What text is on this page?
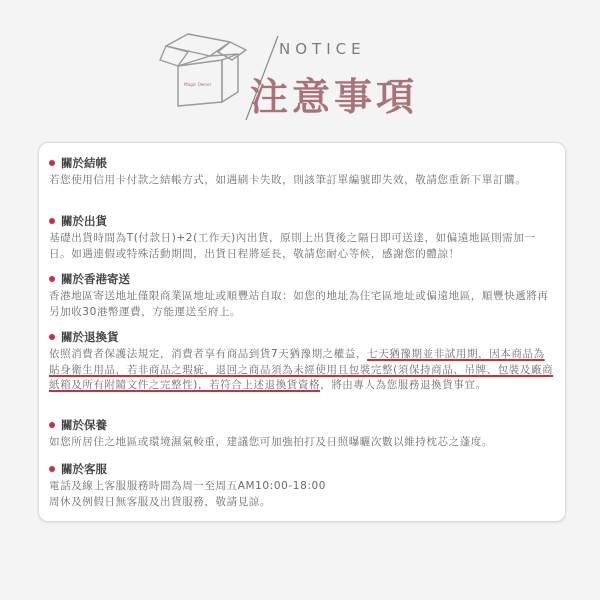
Magic Owner
NOTICE
注意事項
關於結帳
若您使用信用卡付款之結帳方式，如遇刷卡失敗，則該筆訂單編號即失效，敬請您重新下單訂購。
關於出貨
基礎出貨時間為T(付款日)+2(工作天)內出貨，原則上出貨後之隔日即可送達，如偏遠地區則需加一日。如遇連假或特殊活動期間，出貨日程將延長，敬請您耐心等候，感謝您的體諒！
關於香港寄送
香港地區寄送地址僅限商業區地址或順豐站自取：如您的地址為住宅區地址或偏遠地區，順豐快遞將再另加收30港幣運費，方能運送至府上。
關於退換貨
依照消費者保護法規定，消費者享有商品到貨7天猶豫期之權益，七天猶豫期並非試用期，因本商品為貼身衛生用品，若非商品之瑕疵，退回之商品須為未經使用且包裝完整(須保持商品、吊牌、包裝及廠商紙箱及所有附隨文件之完整性)，若符合上述退換貨資格，將由專人為您服務退換貨事宜。
關於保養
如您所居住之地區或環境濕氣較重，建議您可加強拍打及日照曝曬次數以維持枕芯之蓬度。
關於客服
電話及線上客服服務時間為周一至周五AM10:00-18:00
周休及例假日無客服及出貨服務，敬請見諒。
